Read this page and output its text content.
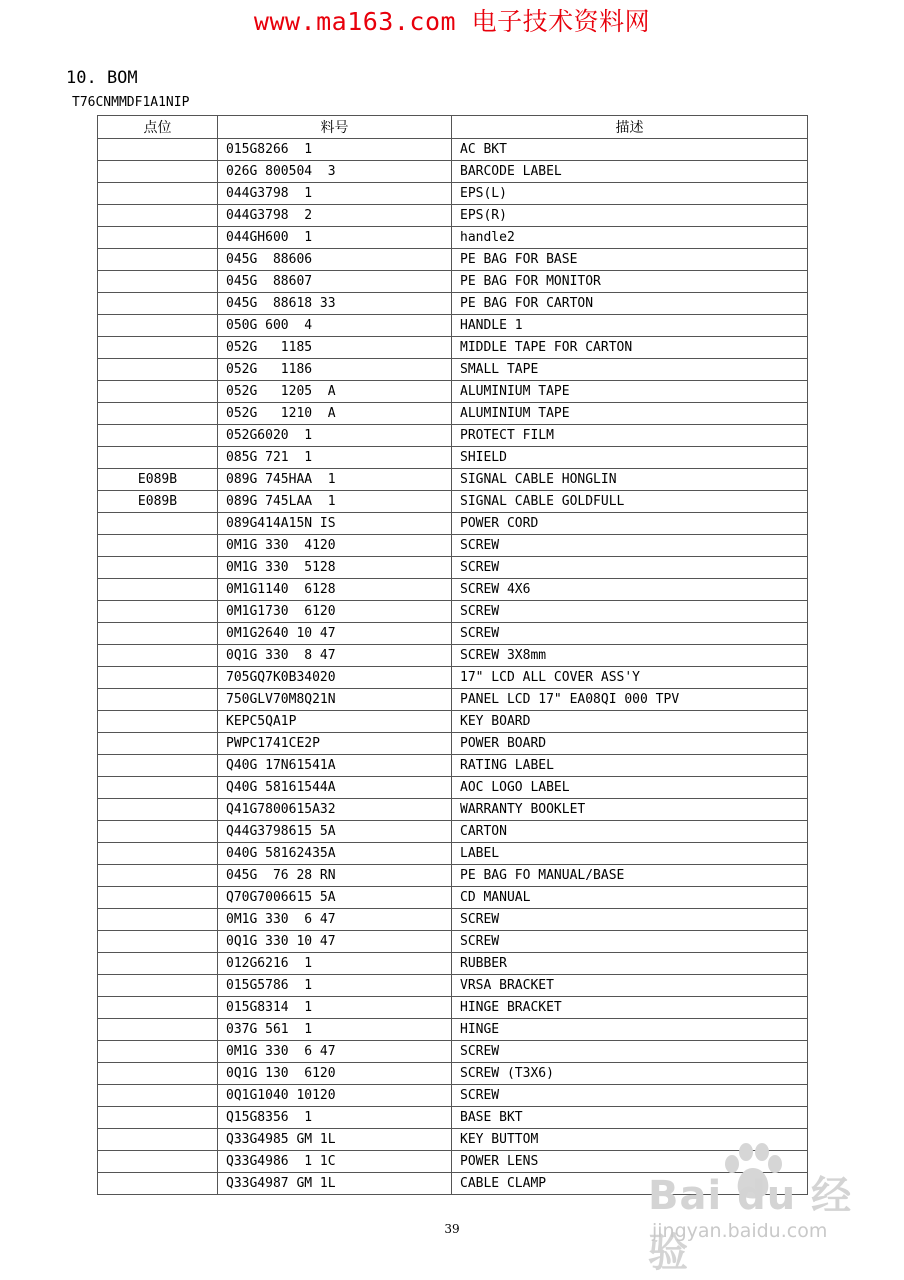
www.ma163.com 电子技术资料网
10. BOM
T76CNMMDF1A1NIP
点位	料号	描述
	015G8266  1	AC BKT
	026G 800504  3	BARCODE LABEL
	044G3798  1	EPS(L)
	044G3798  2	EPS(R)
	044GH600  1	handle2
	045G  88606	PE BAG FOR BASE
	045G  88607	PE BAG FOR MONITOR
	045G  88618 33	PE BAG FOR CARTON
	050G 600  4	HANDLE 1
	052G   1185	MIDDLE TAPE FOR CARTON
	052G   1186	SMALL TAPE
	052G   1205  A	ALUMINIUM TAPE
	052G   1210  A	ALUMINIUM TAPE
	052G6020  1	PROTECT FILM
	085G 721  1	SHIELD
E089B	089G 745HAA  1	SIGNAL CABLE HONGLIN
E089B	089G 745LAA  1	SIGNAL CABLE GOLDFULL
	089G414A15N IS	POWER CORD
	0M1G 330  4120	SCREW
	0M1G 330  5128	SCREW
	0M1G1140  6128	SCREW 4X6
	0M1G1730  6120	SCREW
	0M1G2640 10 47	SCREW
	0Q1G 330  8 47	SCREW 3X8mm
	705GQ7K0B34020	17" LCD ALL COVER ASS'Y
	750GLV70M8Q21N	PANEL LCD 17" EA08QI 000 TPV
	KEPC5QA1P	KEY BOARD
	PWPC1741CE2P	POWER BOARD
	Q40G 17N61541A	RATING LABEL
	Q40G 58161544A	AOC LOGO LABEL
	Q41G7800615A32	WARRANTY BOOKLET
	Q44G3798615 5A	CARTON
	040G 58162435A	LABEL
	045G  76 28 RN	PE BAG FO MANUAL/BASE
	Q70G7006615 5A	CD MANUAL
	0M1G 330  6 47	SCREW
	0Q1G 330 10 47	SCREW
	012G6216  1	RUBBER
	015G5786  1	VRSA BRACKET
	015G8314  1	HINGE BRACKET
	037G 561  1	HINGE
	0M1G 330  6 47	SCREW
	0Q1G 130  6120	SCREW (T3X6)
	0Q1G1040 10120	SCREW
	Q15G8356  1	BASE BKT
	Q33G4985 GM 1L	KEY BUTTOM
	Q33G4986  1 1C	POWER LENS
	Q33G4987 GM 1L	CABLE CLAMP
39
Bai du 经验
jingyan.baidu.com
